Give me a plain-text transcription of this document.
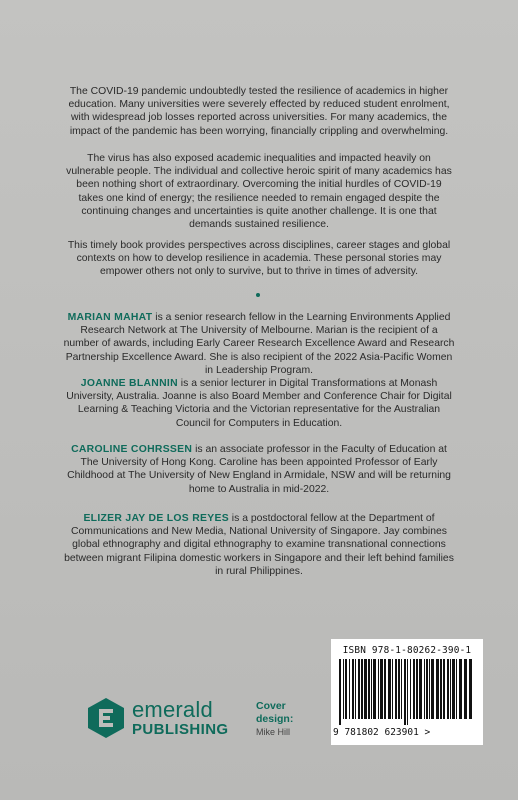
The COVID-19 pandemic undoubtedly tested the resilience of academics in higher education. Many universities were severely effected by reduced student enrolment, with widespread job losses reported across universities. For many academics, the impact of the pandemic has been worrying, financially crippling and overwhelming.
The virus has also exposed academic inequalities and impacted heavily on vulnerable people. The individual and collective heroic spirit of many academics has been nothing short of extraordinary. Overcoming the initial hurdles of COVID-19 takes one kind of energy; the resilience needed to remain engaged despite the continuing changes and uncertainties is quite another challenge. It is one that demands sustained resilience.
This timely book provides perspectives across disciplines, career stages and global contexts on how to develop resilience in academia. These personal stories may empower others not only to survive, but to thrive in times of adversity.
MARIAN MAHAT is a senior research fellow in the Learning Environments Applied Research Network at The University of Melbourne. Marian is the recipient of a number of awards, including Early Career Research Excellence Award and Research Partnership Excellence Award. She is also recipient of the 2022 Asia-Pacific Women in Leadership Program.
JOANNE BLANNIN is a senior lecturer in Digital Transformations at Monash University, Australia. Joanne is also Board Member and Conference Chair for Digital Learning & Teaching Victoria and the Victorian representative for the Australian Council for Computers in Education.
CAROLINE COHRSSEN is an associate professor in the Faculty of Education at The University of Hong Kong. Caroline has been appointed Professor of Early Childhood at The University of New England in Armidale, NSW and will be returning home to Australia in mid-2022.
ELIZER JAY DE LOS REYES is a postdoctoral fellow at the Department of Communications and New Media, National University of Singapore. Jay combines global ethnography and digital ethnography to examine transnational connections between migrant Filipina domestic workers in Singapore and their left behind families in rural Philippines.
ISBN 978-1-80262-390-1
9 781802 623901 >
emerald
PUBLISHING
Cover design:
Mike Hill
